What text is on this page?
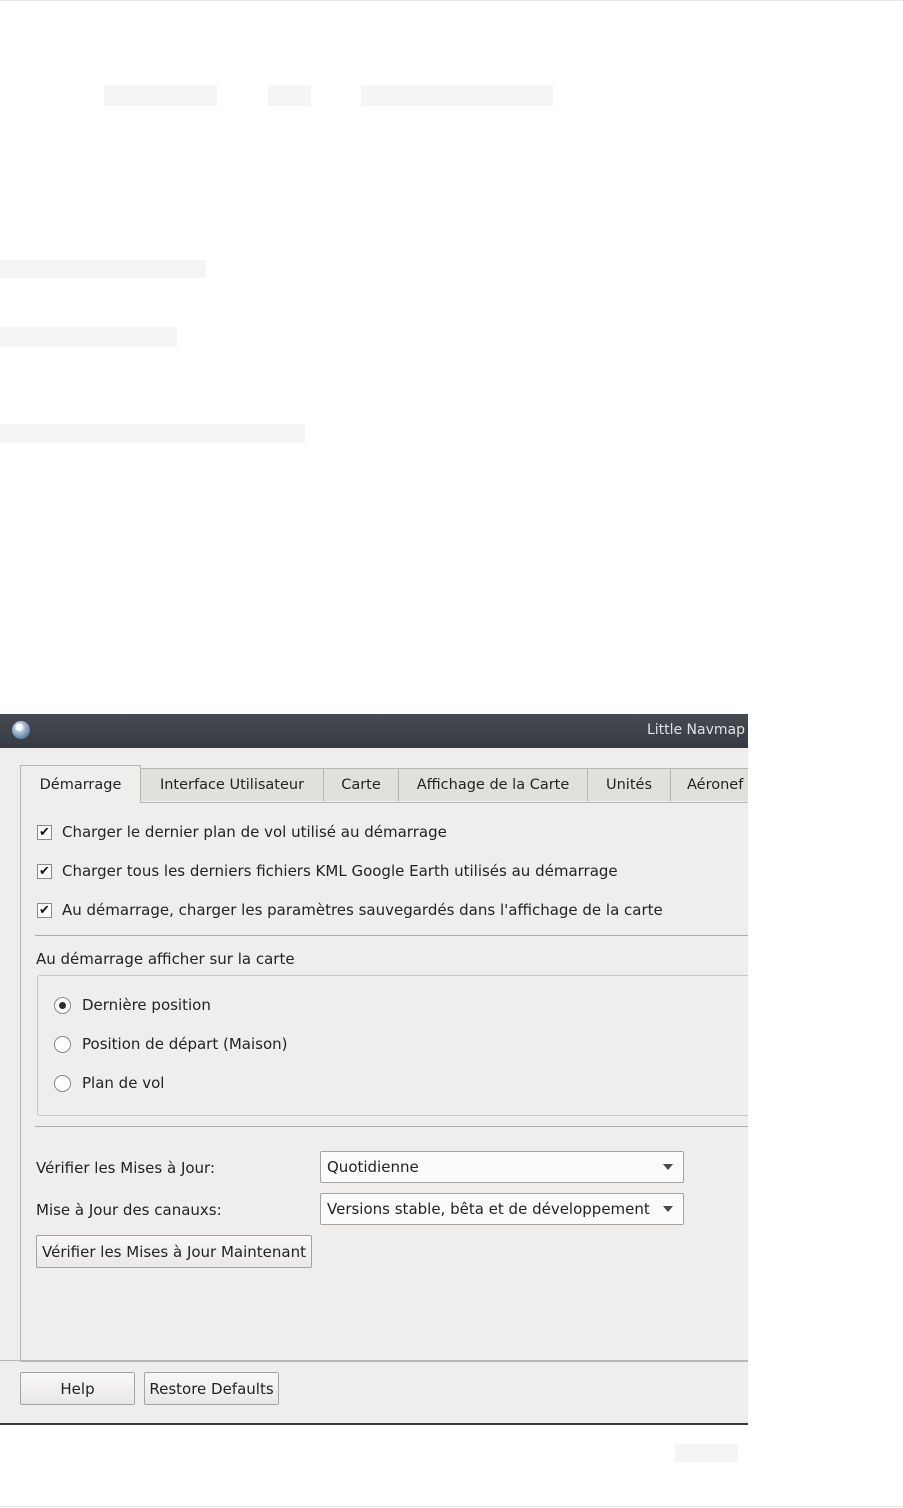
Little Navmap
Démarrage	Interface Utilisateur	Carte	Affichage de la Carte	Unités	Aéronef
✔ Charger le dernier plan de vol utilisé au démarrage
✔ Charger tous les derniers fichiers KML Google Earth utilisés au démarrage
✔ Au démarrage, charger les paramètres sauvegardés dans l'affichage de la carte
Au démarrage afficher sur la carte
Dernière position
Position de départ (Maison)
Plan de vol
Vérifier les Mises à Jour:	Quotidienne
Mise à Jour des canauxs:	Versions stable, bêta et de développement
Vérifier les Mises à Jour Maintenant
Help	Restore Defaults
